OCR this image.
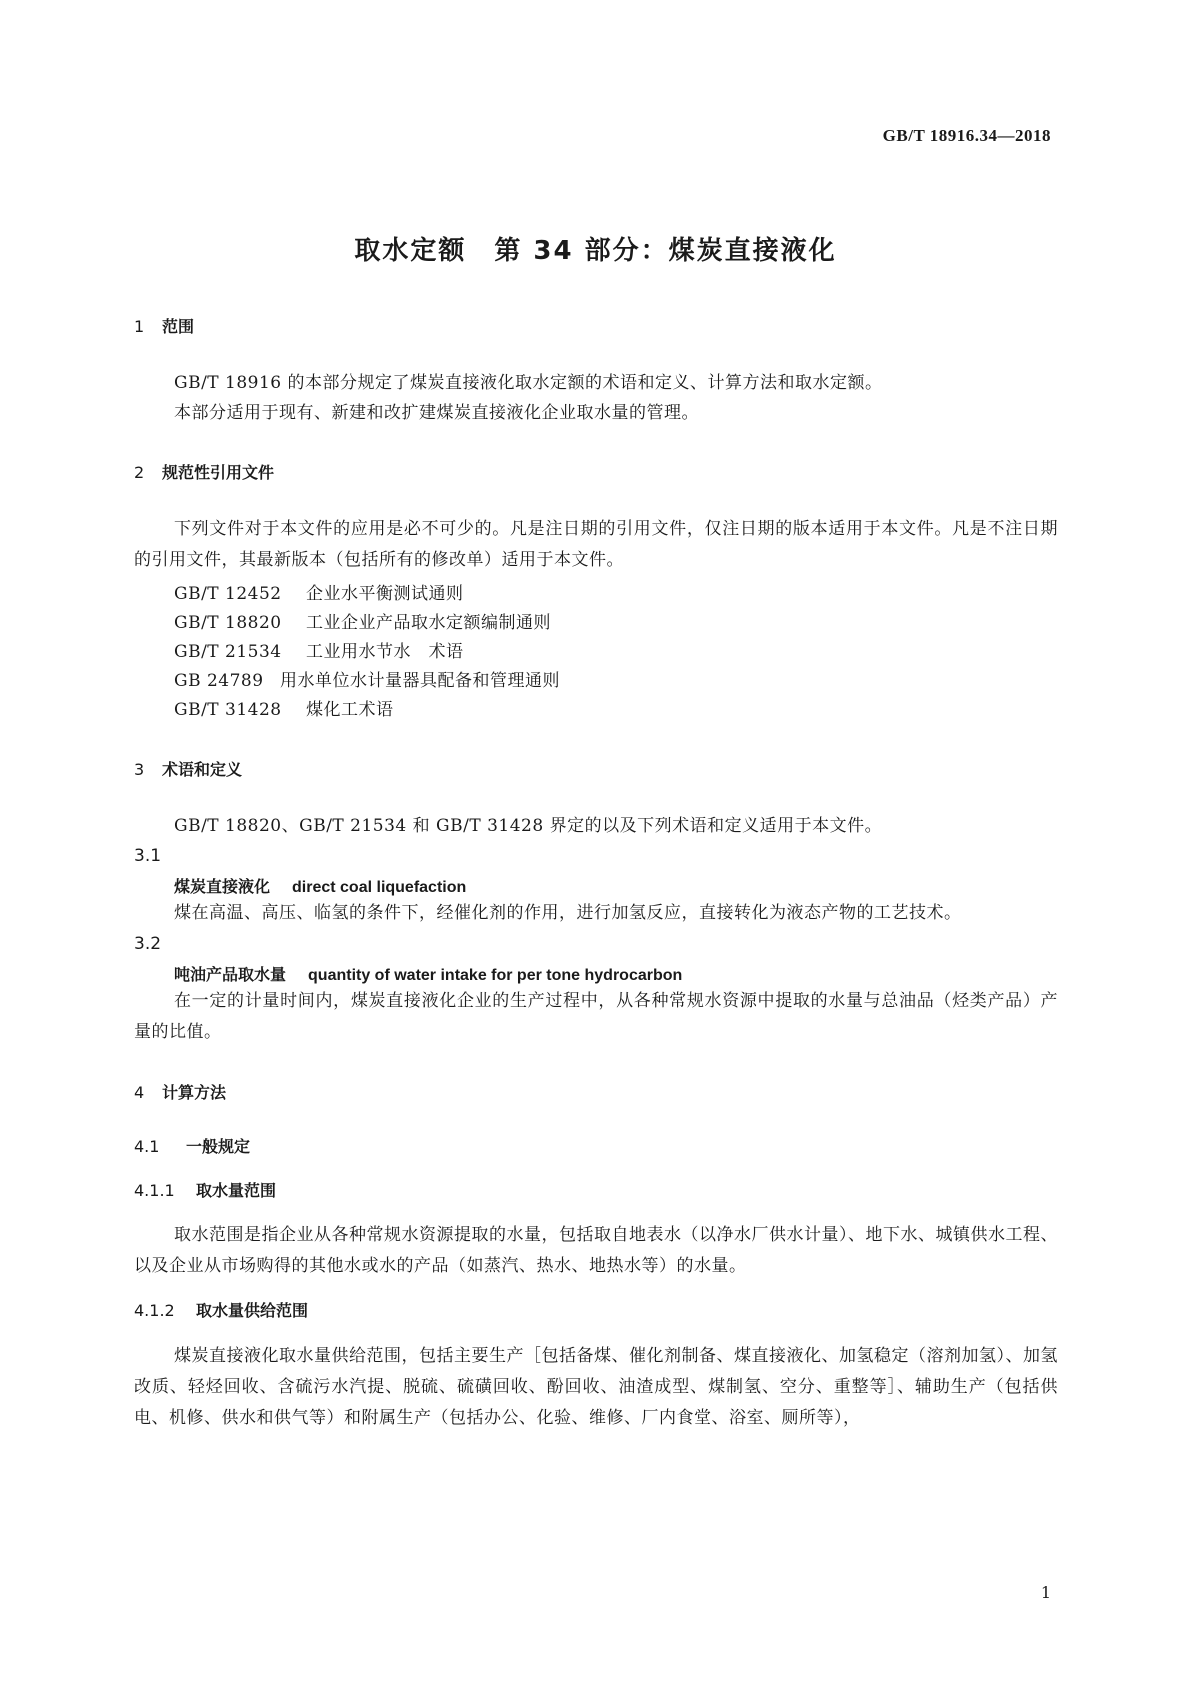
GB/T 18916.34—2018
取水定额　第 34 部分：煤炭直接液化
1 范围
GB/T 18916 的本部分规定了煤炭直接液化取水定额的术语和定义、计算方法和取水定额。
本部分适用于现有、新建和改扩建煤炭直接液化企业取水量的管理。
2 规范性引用文件
下列文件对于本文件的应用是必不可少的。凡是注日期的引用文件，仅注日期的版本适用于本文件。凡是不注日期的引用文件，其最新版本（包括所有的修改单）适用于本文件。
GB/T 12452 企业水平衡测试通则
GB/T 18820 工业企业产品取水定额编制通则
GB/T 21534 工业用水节水　术语
GB 24789 用水单位水计量器具配备和管理通则
GB/T 31428 煤化工术语
3 术语和定义
GB/T 18820、GB/T 21534 和 GB/T 31428 界定的以及下列术语和定义适用于本文件。
3.1
煤炭直接液化 direct coal liquefaction
煤在高温、高压、临氢的条件下，经催化剂的作用，进行加氢反应，直接转化为液态产物的工艺技术。
3.2
吨油产品取水量 quantity of water intake for per tone hydrocarbon
在一定的计量时间内，煤炭直接液化企业的生产过程中，从各种常规水资源中提取的水量与总油品（烃类产品）产量的比值。
4 计算方法
4.1 一般规定
4.1.1 取水量范围
取水范围是指企业从各种常规水资源提取的水量，包括取自地表水（以净水厂供水计量）、地下水、城镇供水工程、以及企业从市场购得的其他水或水的产品（如蒸汽、热水、地热水等）的水量。
4.1.2 取水量供给范围
煤炭直接液化取水量供给范围，包括主要生产［包括备煤、催化剂制备、煤直接液化、加氢稳定（溶剂加氢）、加氢改质、轻烃回收、含硫污水汽提、脱硫、硫磺回收、酚回收、油渣成型、煤制氢、空分、重整等］、辅助生产（包括供电、机修、供水和供气等）和附属生产（包括办公、化验、维修、厂内食堂、浴室、厕所等），
1
